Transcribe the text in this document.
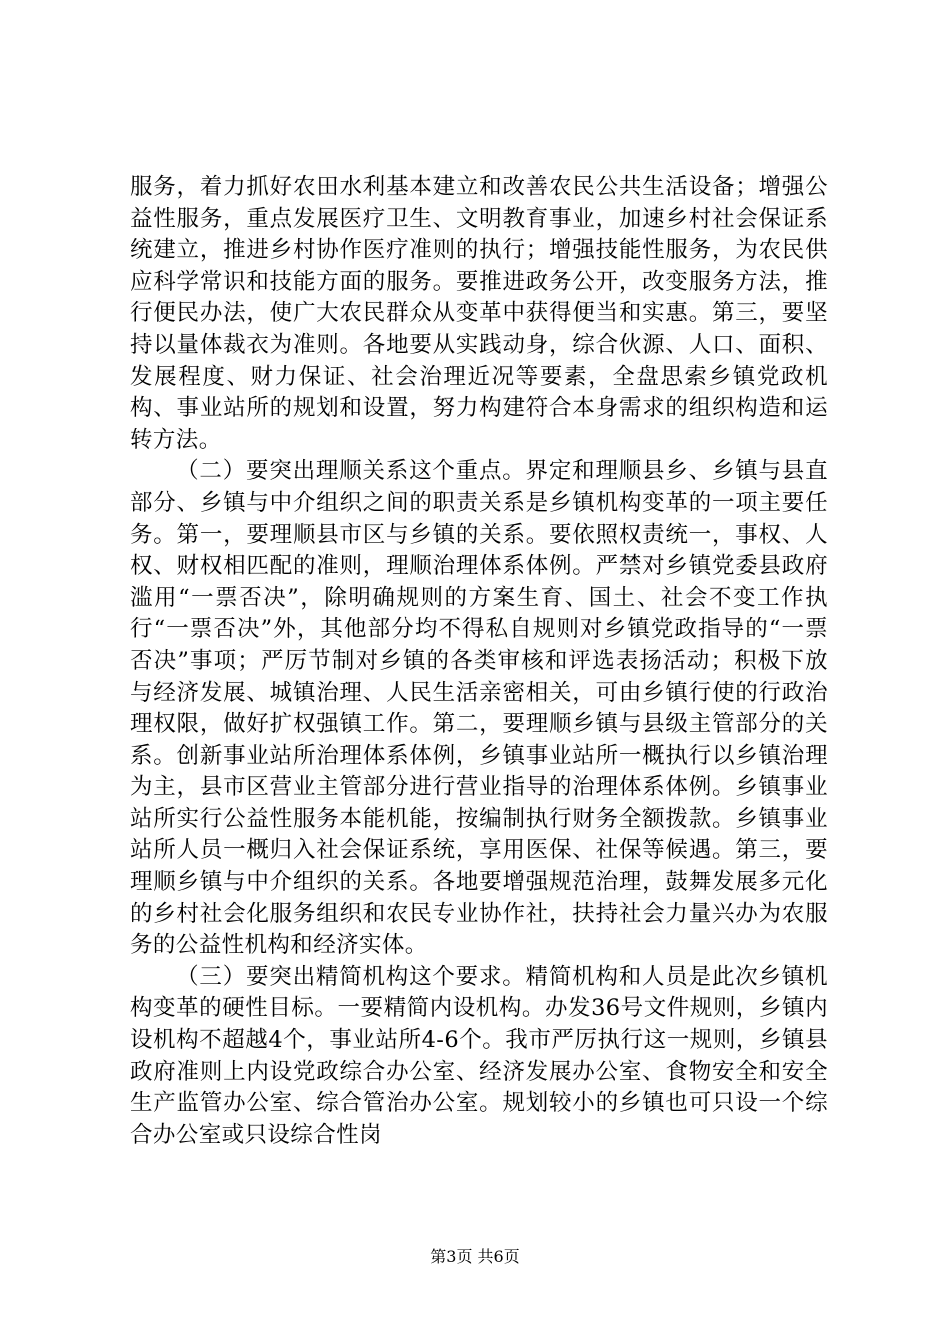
服务，着力抓好农田水利基本建立和改善农民公共生活设备；增强公益性服务，重点发展医疗卫生、文明教育事业，加速乡村社会保证系统建立，推进乡村协作医疗准则的执行；增强技能性服务，为农民供应科学常识和技能方面的服务。要推进政务公开，改变服务方法，推行便民办法，使广大农民群众从变革中获得便当和实惠。第三，要坚持以量体裁衣为准则。各地要从实践动身，综合伙源、人口、面积、发展程度、财力保证、社会治理近况等要素，全盘思索乡镇党政机构、事业站所的规划和设置，努力构建符合本身需求的组织构造和运转方法。

（二）要突出理顺关系这个重点。界定和理顺县乡、乡镇与县直部分、乡镇与中介组织之间的职责关系是乡镇机构变革的一项主要任务。第一，要理顺县市区与乡镇的关系。要依照权责统一，事权、人权、财权相匹配的准则，理顺治理体系体例。严禁对乡镇党委县政府滥用“一票否决”，除明确规则的方案生育、国土、社会不变工作执行“一票否决”外，其他部分均不得私自规则对乡镇党政指导的“一票否决”事项；严厉节制对乡镇的各类审核和评选表扬活动；积极下放与经济发展、城镇治理、人民生活亲密相关，可由乡镇行使的行政治理权限，做好扩权强镇工作。第二，要理顺乡镇与县级主管部分的关系。创新事业站所治理体系体例，乡镇事业站所一概执行以乡镇治理为主，县市区营业主管部分进行营业指导的治理体系体例。乡镇事业站所实行公益性服务本能机能，按编制执行财务全额拨款。乡镇事业站所人员一概归入社会保证系统，享用医保、社保等候遇。第三，要理顺乡镇与中介组织的关系。各地要增强规范治理，鼓舞发展多元化的乡村社会化服务组织和农民专业协作社，扶持社会力量兴办为农服务的公益性机构和经济实体。

（三）要突出精简机构这个要求。精简机构和人员是此次乡镇机构变革的硬性目标。一要精简内设机构。办发36号文件规则，乡镇内设机构不超越4个，事业站所4-6个。我市严厉执行这一规则，乡镇县政府准则上内设党政综合办公室、经济发展办公室、食物安全和安全生产监管办公室、综合管治办公室。规划较小的乡镇也可只设一个综合办公室或只设综合性岗

第3页 共6页
